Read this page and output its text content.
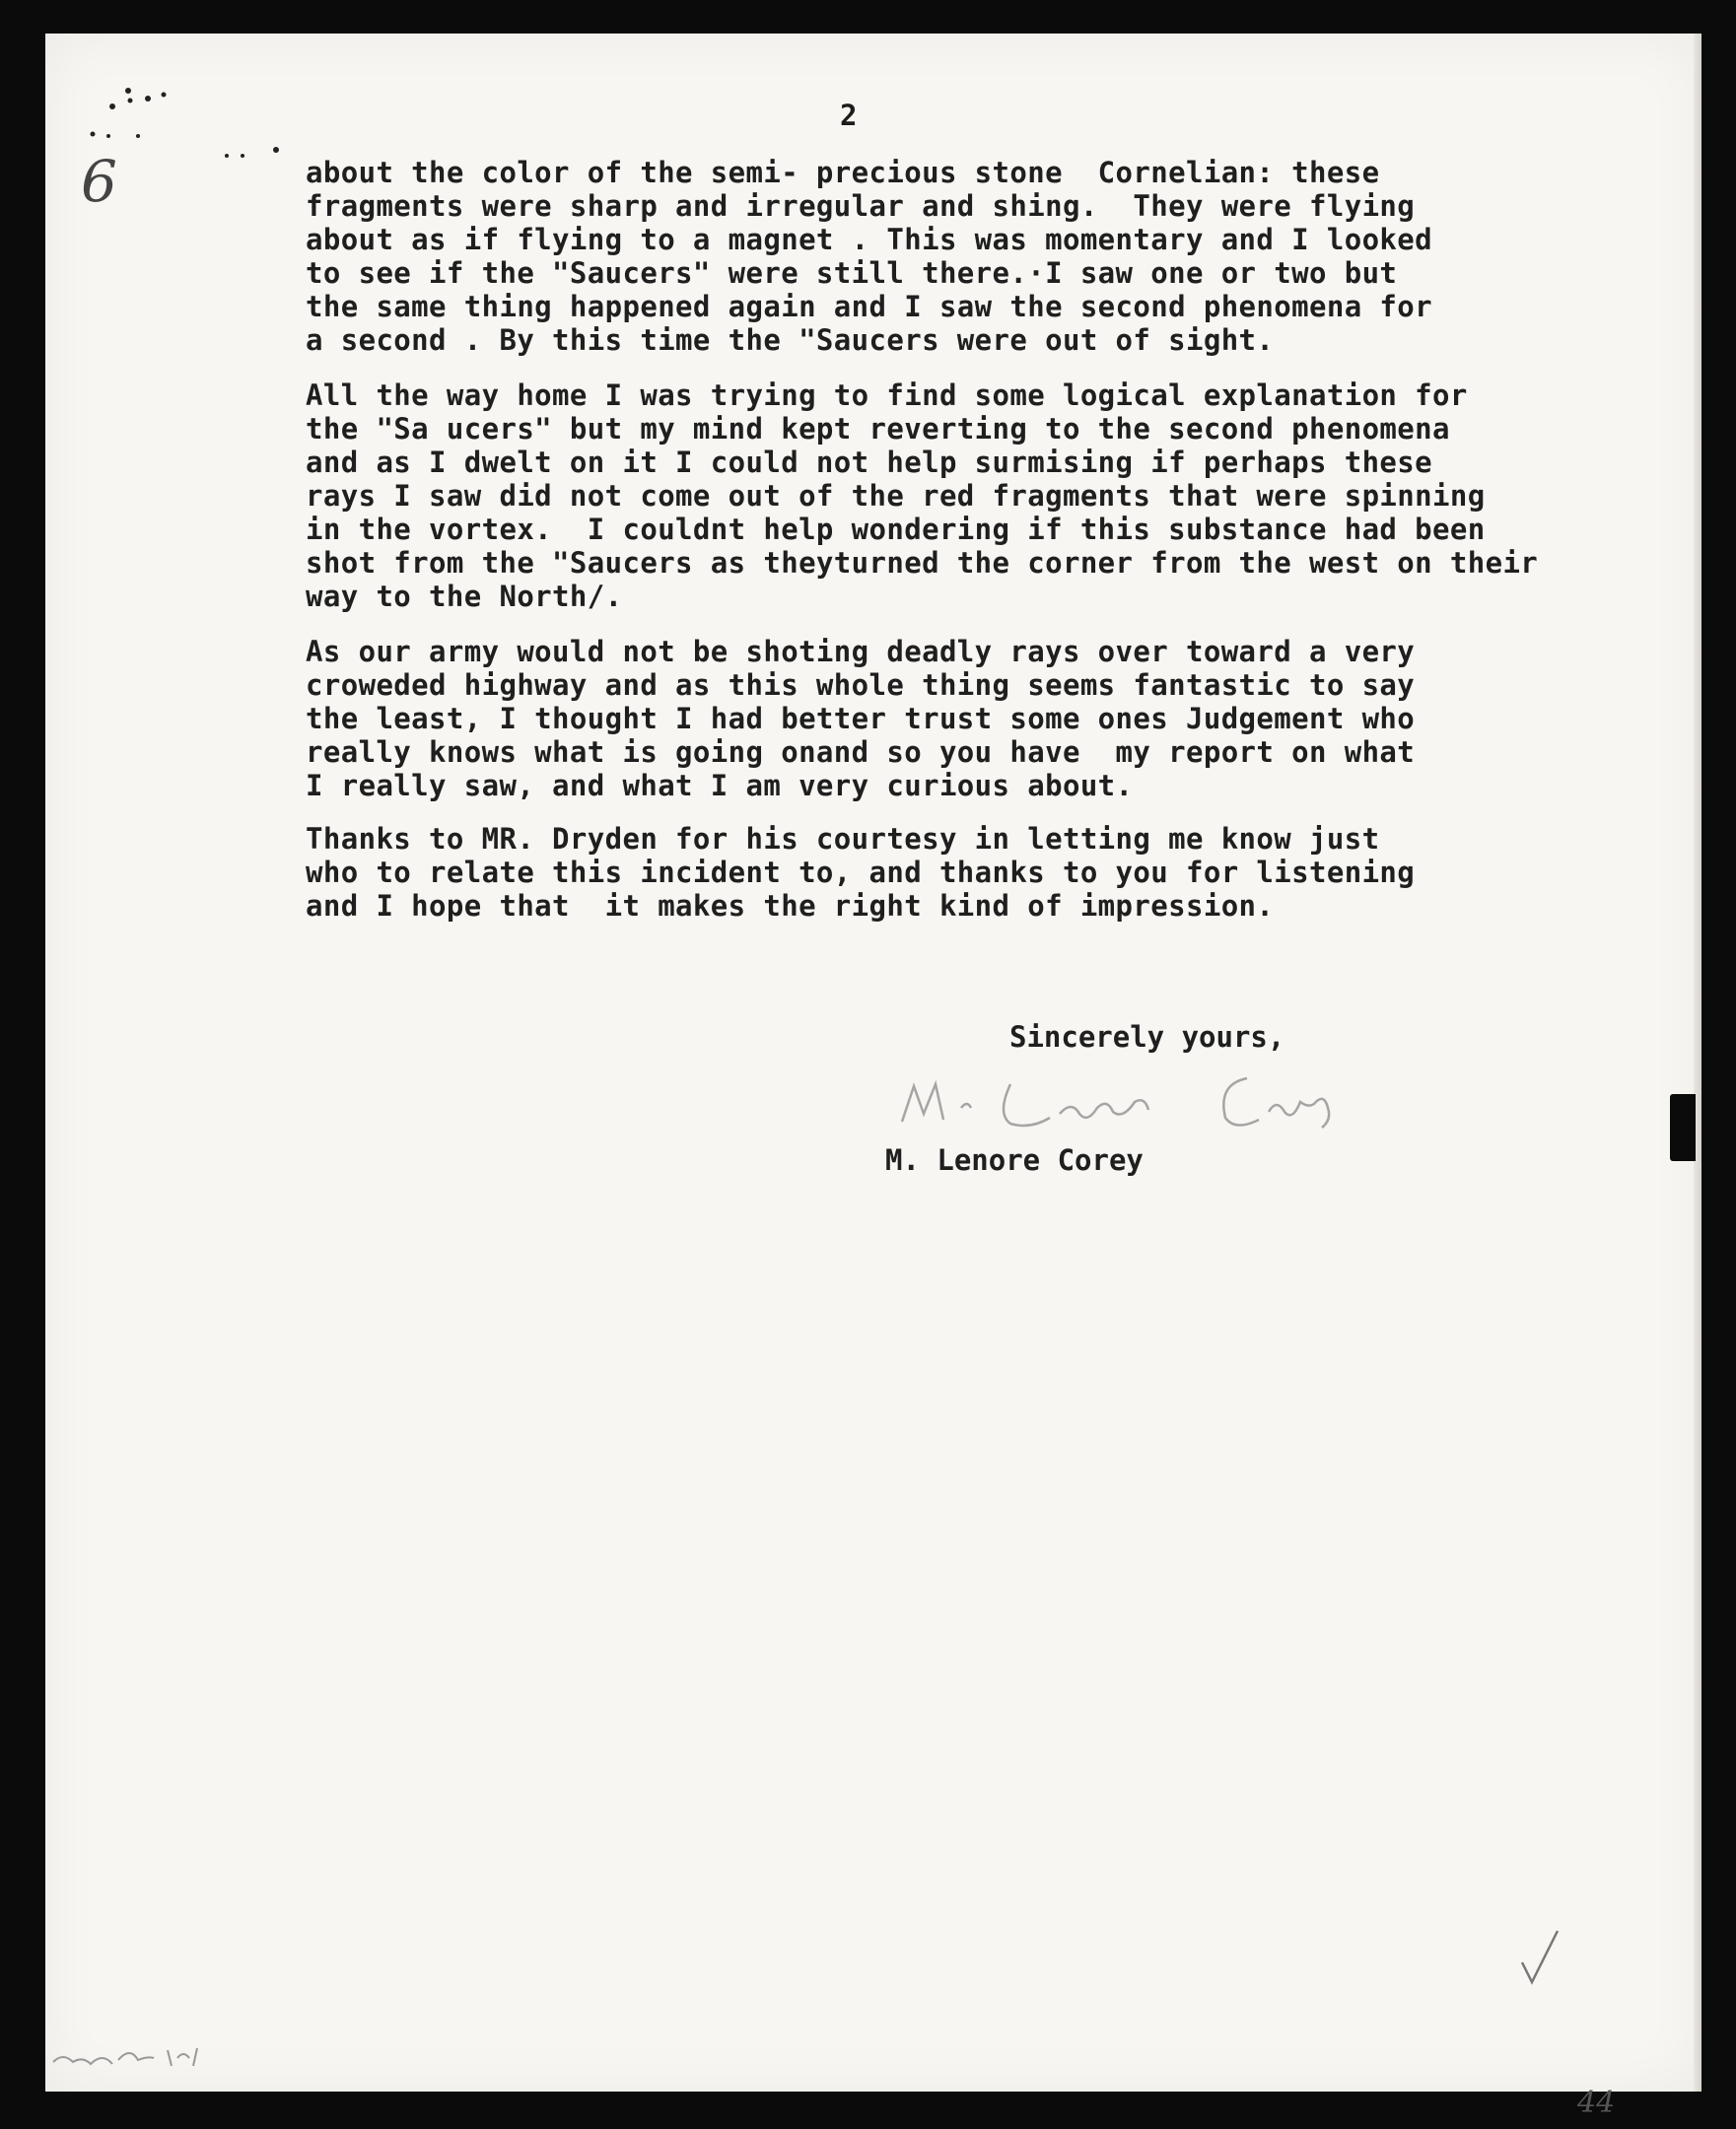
6
2
about the color of the semi- precious stone  Cornelian: these
fragments were sharp and irregular and shing.  They were flying
about as if flying to a magnet . This was momentary and I looked
to see if the "Saucers" were still there.·I saw one or two but
the same thing happened again and I saw the second phenomena for
a second . By this time the "Saucers were out of sight.
All the way home I was trying to find some logical explanation for
the "Sa ucers" but my mind kept reverting to the second phenomena
and as I dwelt on it I could not help surmising if perhaps these
rays I saw did not come out of the red fragments that were spinning
in the vortex.  I couldnt help wondering if this substance had been
shot from the "Saucers as theyturned the corner from the west on their
way to the North/.
As our army would not be shoting deadly rays over toward a very
croweded highway and as this whole thing seems fantastic to say
the least, I thought I had better trust some ones Judgement who
really knows what is going onand so you have  my report on what
I really saw, and what I am very curious about.
Thanks to MR. Dryden for his courtesy in letting me know just
who to relate this incident to, and thanks to you for listening
and I hope that  it makes the right kind of impression.
Sincerely yours,
M. Lenore Corey
44
